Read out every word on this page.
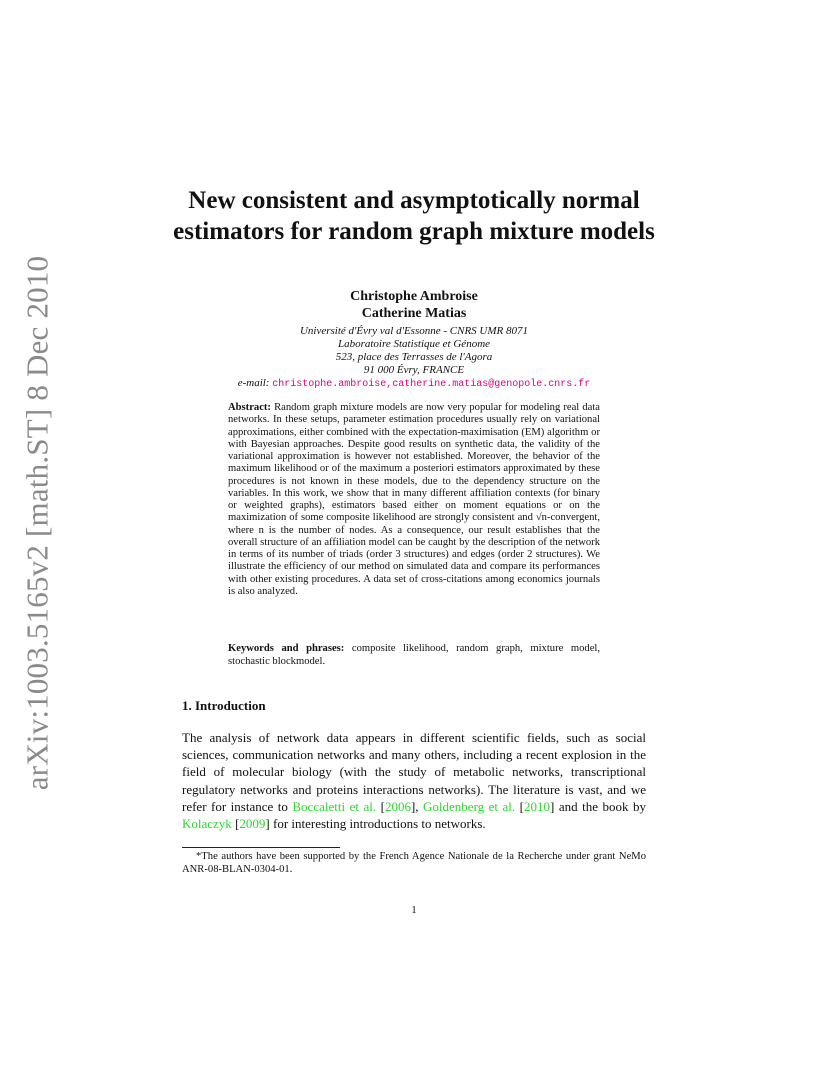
arXiv:1003.5165v2 [math.ST] 8 Dec 2010
New consistent and asymptotically normal estimators for random graph mixture models
Christophe Ambroise
Catherine Matias
Université d'Évry val d'Essonne - CNRS UMR 8071
Laboratoire Statistique et Génome
523, place des Terrasses de l'Agora
91 000 Évry, FRANCE
e-mail: christophe.ambroise,catherine.matias@genopole.cnrs.fr
Abstract: Random graph mixture models are now very popular for modeling real data networks. In these setups, parameter estimation procedures usually rely on variational approximations, either combined with the expectation-maximisation (EM) algorithm or with Bayesian approaches. Despite good results on synthetic data, the validity of the variational approximation is however not established. Moreover, the behavior of the maximum likelihood or of the maximum a posteriori estimators approximated by these procedures is not known in these models, due to the dependency structure on the variables. In this work, we show that in many different affiliation contexts (for binary or weighted graphs), estimators based either on moment equations or on the maximization of some composite likelihood are strongly consistent and √n-convergent, where n is the number of nodes. As a consequence, our result establishes that the overall structure of an affiliation model can be caught by the description of the network in terms of its number of triads (order 3 structures) and edges (order 2 structures). We illustrate the efficiency of our method on simulated data and compare its performances with other existing procedures. A data set of cross-citations among economics journals is also analyzed.
Keywords and phrases: composite likelihood, random graph, mixture model, stochastic blockmodel.
1. Introduction
The analysis of network data appears in different scientific fields, such as social sciences, communication networks and many others, including a recent explosion in the field of molecular biology (with the study of metabolic networks, transcriptional regulatory networks and proteins interactions networks). The literature is vast, and we refer for instance to Boccaletti et al. [2006], Goldenberg et al. [2010] and the book by Kolaczyk [2009] for interesting introductions to networks.
*The authors have been supported by the French Agence Nationale de la Recherche under grant NeMo ANR-08-BLAN-0304-01.
1
